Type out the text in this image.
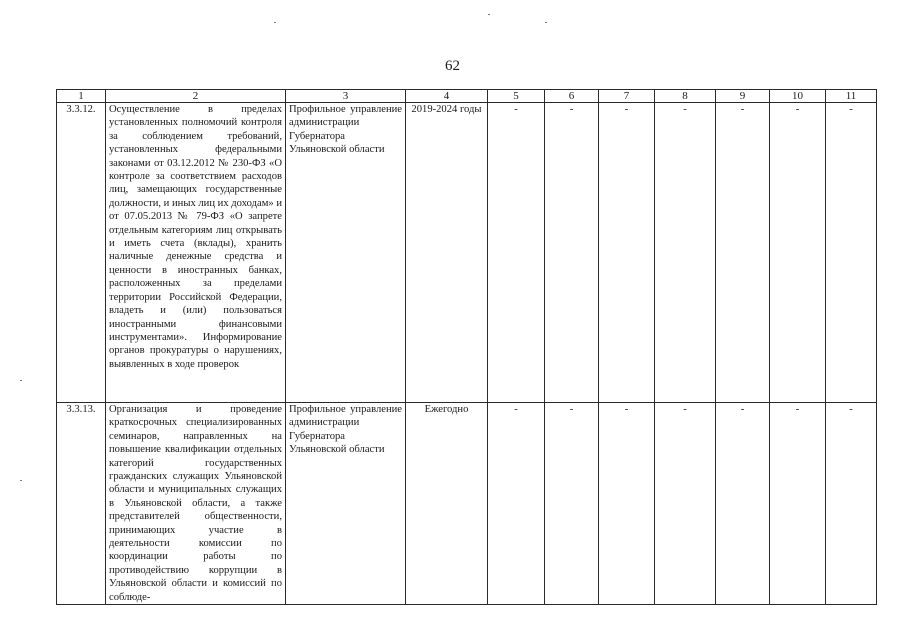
62
1	2	3	4	5	6	7	8	9	10	11
3.3.12.	Осуществление в пределах установленных полномочий контроля за соблюдением требований, установленных федеральными законами от 03.12.2012 № 230-ФЗ «О контроле за соответствием расходов лиц, замещающих государственные должности, и иных лиц их доходам» и от 07.05.2013 № 79-ФЗ «О запрете отдельным категориям лиц открывать и иметь счета (вклады), хранить наличные денежные средства и ценности в иностранных банках, расположенных за пределами территории Российской Федерации, владеть и (или) пользоваться иностранными финансовыми инструментами». Информирование органов прокуратуры о нарушениях, выявленных в ходе проверок	Профильное управление администрации Губернатора Ульяновской области	2019-2024 годы	-	-	-	-	-	-	-
3.3.13.	Организация и проведение краткосрочных специализированных семинаров, направленных на повышение квалификации отдельных категорий государственных гражданских служащих Ульяновской области и муниципальных служащих в Ульяновской области, а также представителей общественности, принимающих участие в деятельности комиссии по координации работы по противодействию коррупции в Ульяновской области и комиссий по соблюде-	Профильное управление администрации Губернатора Ульяновской области	Ежегодно	-	-	-	-	-	-	-
